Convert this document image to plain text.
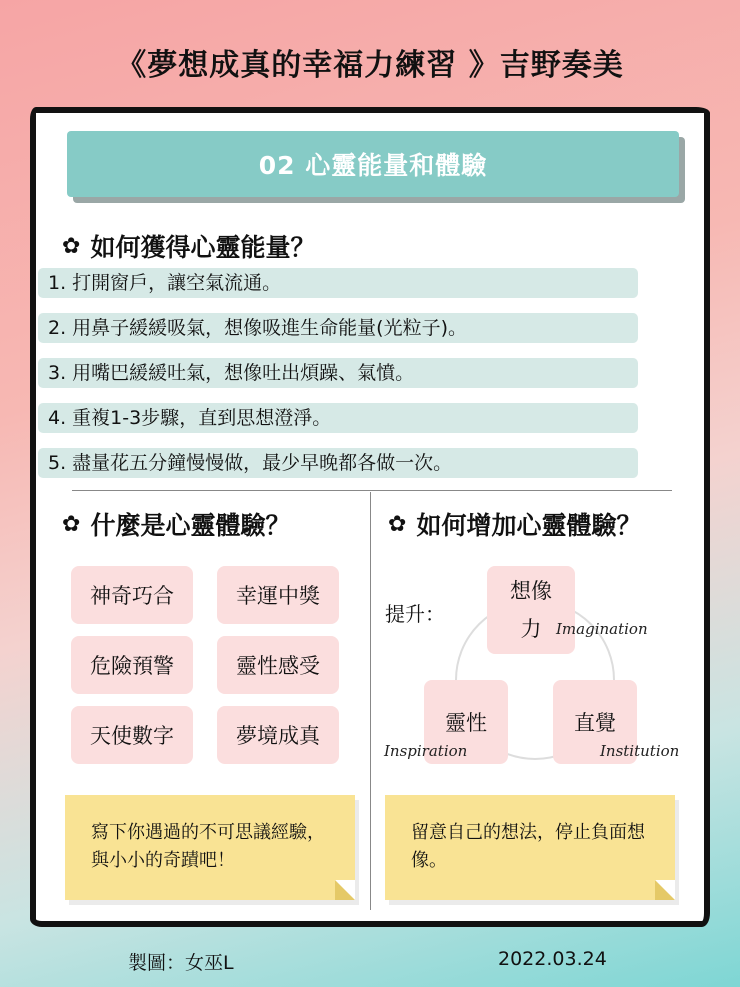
《夢想成真的幸福力練習 》吉野奏美
02 心靈能量和體驗
✿ 如何獲得心靈能量？
1. 打開窗戶，讓空氣流通。
2. 用鼻子緩緩吸氣，想像吸進生命能量(光粒子)。
3. 用嘴巴緩緩吐氣，想像吐出煩躁、氣憤。
4. 重複1-3步驟，直到思想澄淨。
5. 盡量花五分鐘慢慢做，最少早晚都各做一次。
✿ 什麼是心靈體驗？
神奇巧合	幸運中獎
危險預警	靈性感受
天使數字	夢境成真
寫下你遇過的不可思議經驗，與小小的奇蹟吧！
✿ 如何增加心靈體驗？
提升：
想像
力 Imagination
靈性
Inspiration
直覺
Institution
留意自己的想法，停止負面想像。
製圖：女巫L	2022.03.24
